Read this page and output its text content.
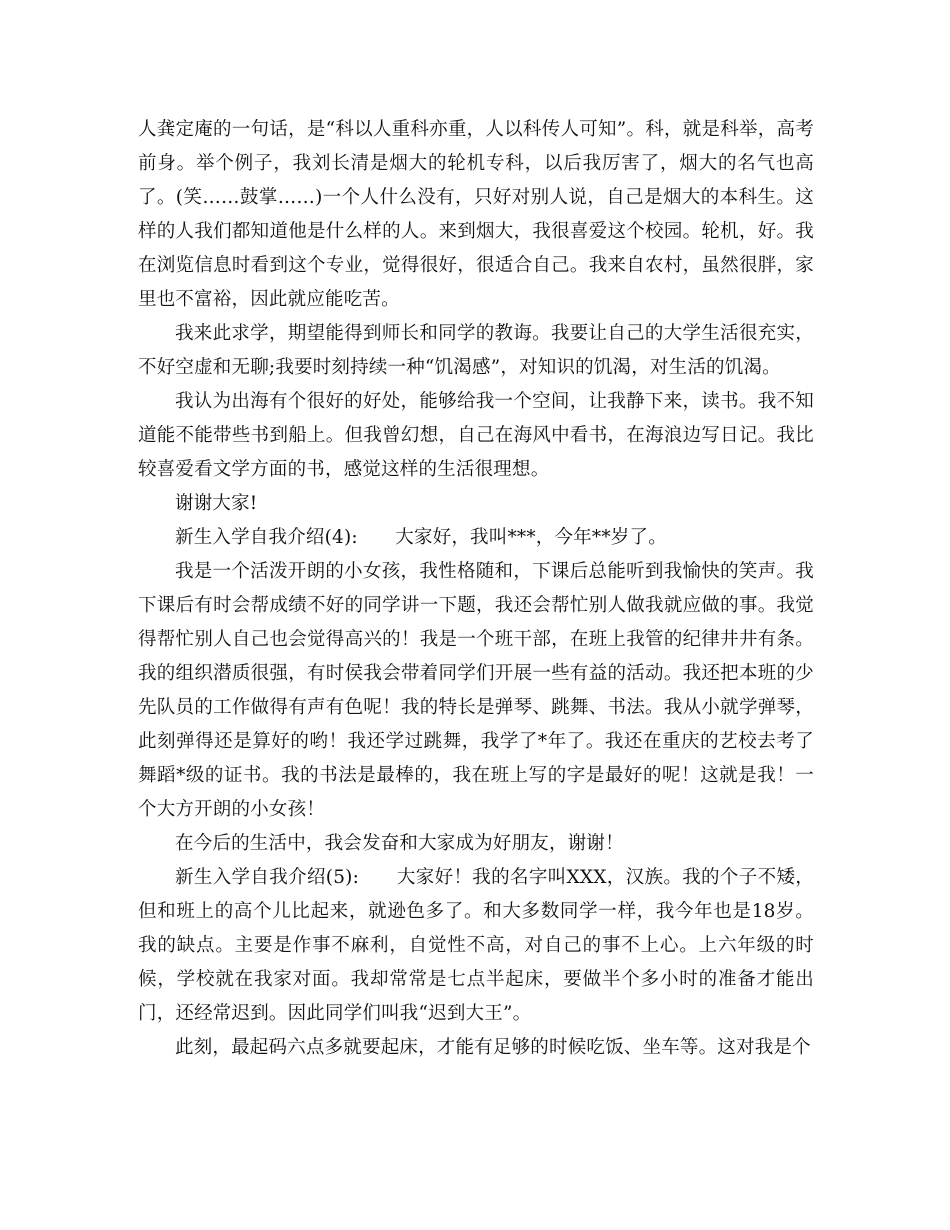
人龚定庵的一句话，是“科以人重科亦重，人以科传人可知”。科，就是科举，高考前身。举个例子，我刘长清是烟大的轮机专科，以后我厉害了，烟大的名气也高了。(笑……鼓掌……)一个人什么没有，只好对别人说，自己是烟大的本科生。这样的人我们都知道他是什么样的人。来到烟大，我很喜爱这个校园。轮机，好。我在浏览信息时看到这个专业，觉得很好，很适合自己。我来自农村，虽然很胖，家里也不富裕，因此就应能吃苦。

我来此求学，期望能得到师长和同学的教诲。我要让自己的大学生活很充实，不好空虚和无聊;我要时刻持续一种“饥渴感”，对知识的饥渴，对生活的饥渴。

我认为出海有个很好的好处，能够给我一个空间，让我静下来，读书。我不知道能不能带些书到船上。但我曾幻想，自己在海风中看书，在海浪边写日记。我比较喜爱看文学方面的书，感觉这样的生活很理想。

谢谢大家!

新生入学自我介绍(4):　　大家好，我叫***，今年**岁了。

我是一个活泼开朗的小女孩，我性格随和，下课后总能听到我愉快的笑声。我下课后有时会帮成绩不好的同学讲一下题，我还会帮忙别人做我就应做的事。我觉得帮忙别人自己也会觉得高兴的！我是一个班干部，在班上我管的纪律井井有条。我的组织潜质很强，有时侯我会带着同学们开展一些有益的活动。我还把本班的少先队员的工作做得有声有色呢！我的特长是弹琴、跳舞、书法。我从小就学弹琴，此刻弹得还是算好的哟！我还学过跳舞，我学了*年了。我还在重庆的艺校去考了舞蹈*级的证书。我的书法是最棒的，我在班上写的字是最好的呢！这就是我！一个大方开朗的小女孩！

在今后的生活中，我会发奋和大家成为好朋友，谢谢！

新生入学自我介绍(5):　　大家好！我的名字叫XXX，汉族。我的个子不矮，但和班上的高个儿比起来，就逊色多了。和大多数同学一样，我今年也是18岁。我的缺点。主要是作事不麻利，自觉性不高，对自己的事不上心。上六年级的时候，学校就在我家对面。我却常常是七点半起床，要做半个多小时的准备才能出门，还经常迟到。因此同学们叫我“迟到大王”。

此刻，最起码六点多就要起床，才能有足够的时候吃饭、坐车等。这对我是个
